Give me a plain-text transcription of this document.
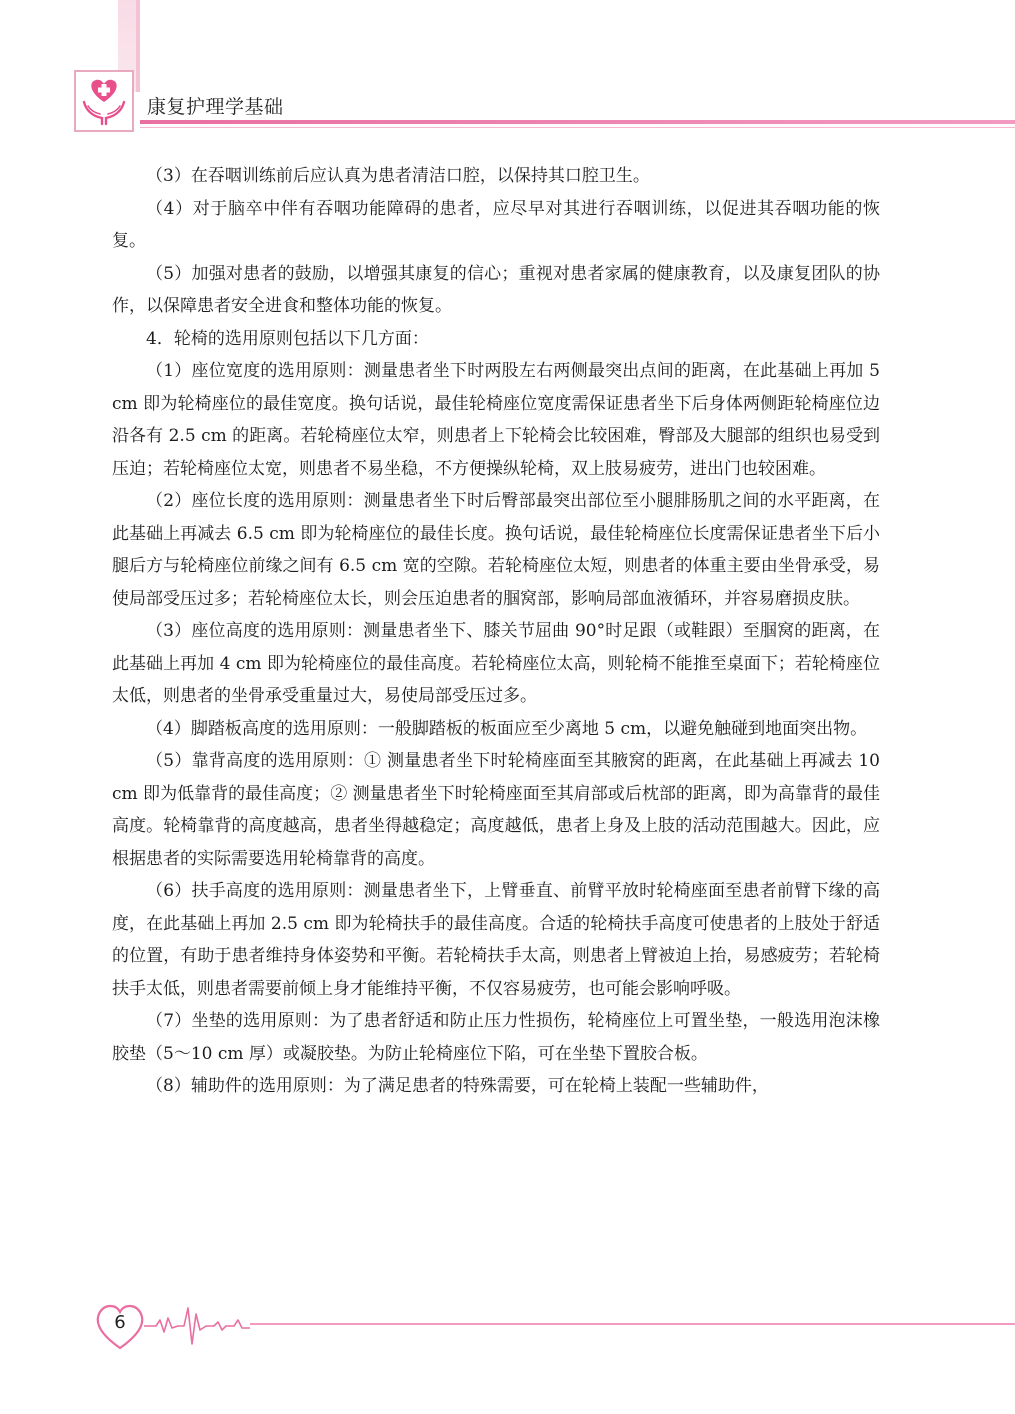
康复护理学基础

（3）在吞咽训练前后应认真为患者清洁口腔，以保持其口腔卫生。

（4）对于脑卒中伴有吞咽功能障碍的患者，应尽早对其进行吞咽训练，以促进其吞咽功能的恢复。

（5）加强对患者的鼓励，以增强其康复的信心；重视对患者家属的健康教育，以及康复团队的协作，以保障患者安全进食和整体功能的恢复。

4．轮椅的选用原则包括以下几方面：

（1）座位宽度的选用原则：测量患者坐下时两股左右两侧最突出点间的距离，在此基础上再加 5 cm 即为轮椅座位的最佳宽度。换句话说，最佳轮椅座位宽度需保证患者坐下后身体两侧距轮椅座位边沿各有 2.5 cm 的距离。若轮椅座位太窄，则患者上下轮椅会比较困难，臀部及大腿部的组织也易受到压迫；若轮椅座位太宽，则患者不易坐稳，不方便操纵轮椅，双上肢易疲劳，进出门也较困难。

（2）座位长度的选用原则：测量患者坐下时后臀部最突出部位至小腿腓肠肌之间的水平距离，在此基础上再减去 6.5 cm 即为轮椅座位的最佳长度。换句话说，最佳轮椅座位长度需保证患者坐下后小腿后方与轮椅座位前缘之间有 6.5 cm 宽的空隙。若轮椅座位太短，则患者的体重主要由坐骨承受，易使局部受压过多；若轮椅座位太长，则会压迫患者的腘窝部，影响局部血液循环，并容易磨损皮肤。

（3）座位高度的选用原则：测量患者坐下、膝关节屈曲 90°时足跟（或鞋跟）至腘窝的距离，在此基础上再加 4 cm 即为轮椅座位的最佳高度。若轮椅座位太高，则轮椅不能推至桌面下；若轮椅座位太低，则患者的坐骨承受重量过大，易使局部受压过多。

（4）脚踏板高度的选用原则：一般脚踏板的板面应至少离地 5 cm，以避免触碰到地面突出物。

（5）靠背高度的选用原则：① 测量患者坐下时轮椅座面至其腋窝的距离，在此基础上再减去 10 cm 即为低靠背的最佳高度；② 测量患者坐下时轮椅座面至其肩部或后枕部的距离，即为高靠背的最佳高度。轮椅靠背的高度越高，患者坐得越稳定；高度越低，患者上身及上肢的活动范围越大。因此，应根据患者的实际需要选用轮椅靠背的高度。

（6）扶手高度的选用原则：测量患者坐下，上臂垂直、前臂平放时轮椅座面至患者前臂下缘的高度，在此基础上再加 2.5 cm 即为轮椅扶手的最佳高度。合适的轮椅扶手高度可使患者的上肢处于舒适的位置，有助于患者维持身体姿势和平衡。若轮椅扶手太高，则患者上臂被迫上抬，易感疲劳；若轮椅扶手太低，则患者需要前倾上身才能维持平衡，不仅容易疲劳，也可能会影响呼吸。

（7）坐垫的选用原则：为了患者舒适和防止压力性损伤，轮椅座位上可置坐垫，一般选用泡沫橡胶垫（5～10 cm 厚）或凝胶垫。为防止轮椅座位下陷，可在坐垫下置胶合板。

（8）辅助件的选用原则：为了满足患者的特殊需要，可在轮椅上装配一些辅助件，

6
